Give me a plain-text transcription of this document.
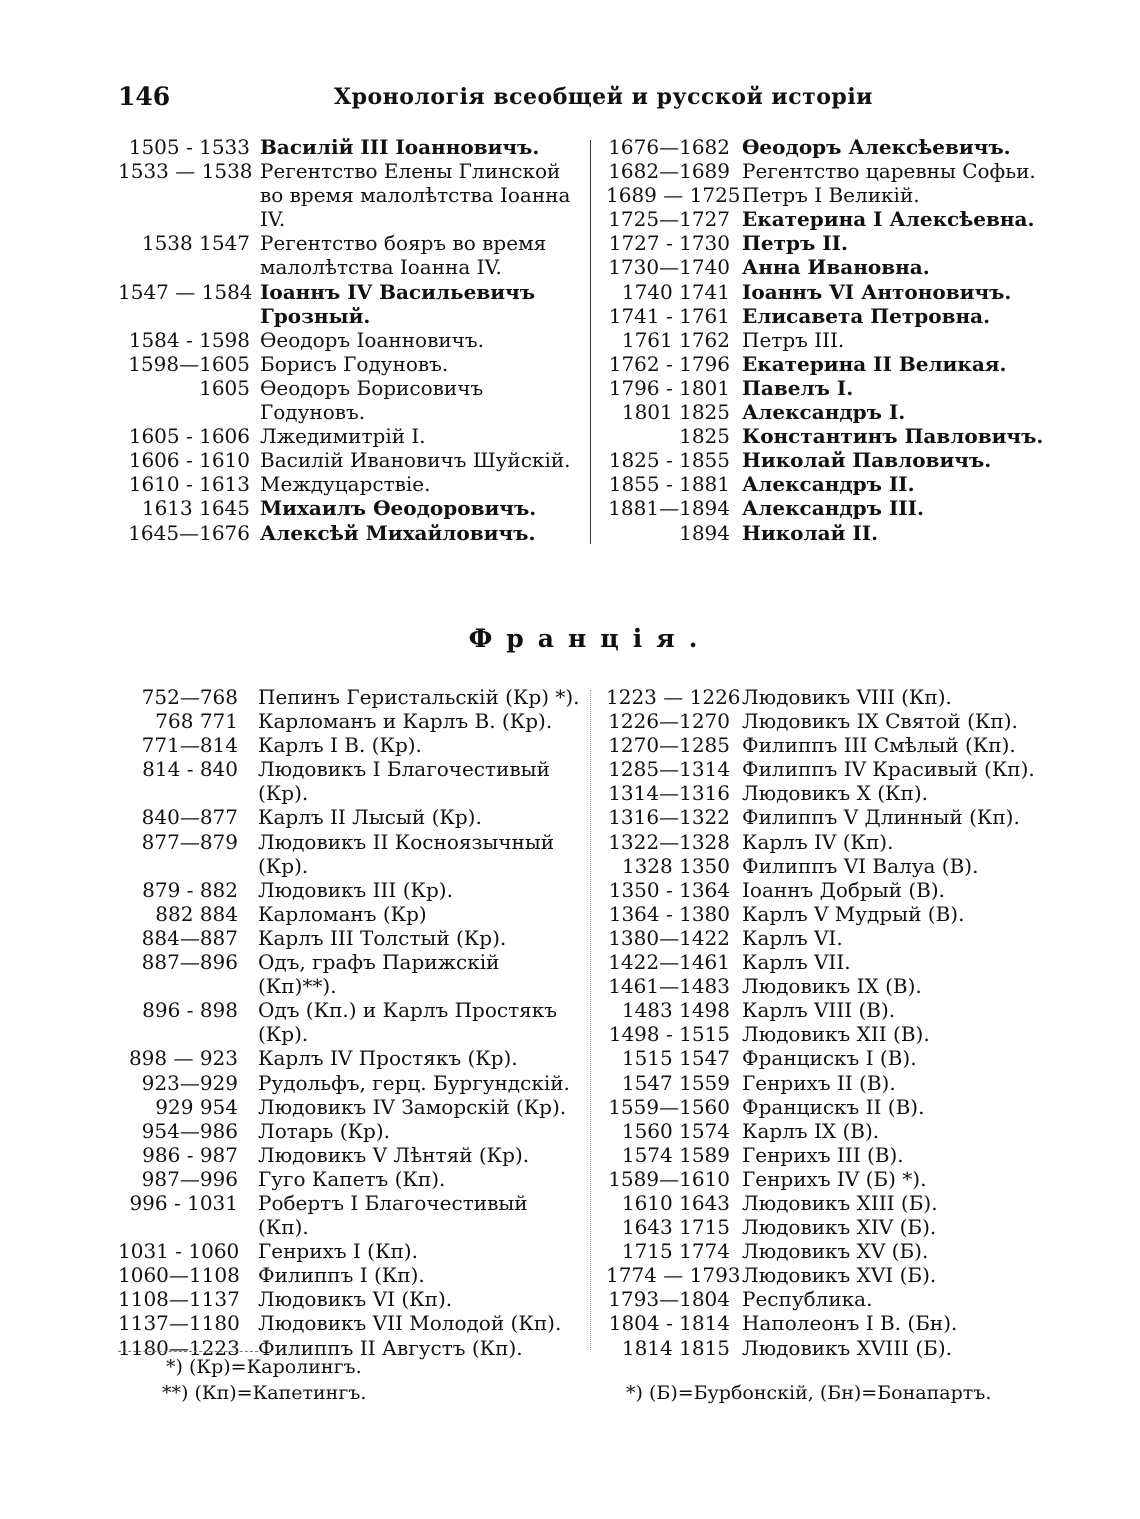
146	Хронологія всеобщей и русской исторіи
1505 - 1533 Василій III Іоанновичъ.
1533 — 1538 Регентство Елены Глинской во время малолѣтства Іоанна IV.
1538 1547 Регентство бояръ во время малолѣтства Іоанна IV.
1547 — 1584 Іоаннъ IV Васильевичъ Грозный.
1584 - 1598 Ѳеодоръ Іоанновичъ.
1598—1605 Борисъ Годуновъ.
1605 Ѳеодоръ Борисовичъ Годуновъ.
1605 - 1606 Лжедимитрій I.
1606 - 1610 Василій Ивановичъ Шуйскій.
1610 - 1613 Междуцарствіе.
1613 1645 Михаилъ Ѳеодоровичъ.
1645—1676 Алексѣй Михайловичъ.
1676—1682 Ѳеодоръ Алексѣевичъ.
1682—1689 Регентство царевны Софьи.
1689 — 1725 Петръ I Великій.
1725—1727 Екатерина I Алексѣевна.
1727 - 1730 Петръ II.
1730—1740 Анна Ивановна.
1740 1741 Іоаннъ VI Антоновичъ.
1741 - 1761 Елисавета Петровна.
1761 1762 Петръ III.
1762 - 1796 Екатерина II Великая.
1796 - 1801 Павелъ I.
1801 1825 Александръ I.
1825 Константинъ Павловичъ.
1825 - 1855 Николай Павловичъ.
1855 - 1881 Александръ II.
1881—1894 Александръ III.
1894 Николай II.
Франція.
752—768 Пепинъ Геристальскій (Кр) *).
768 771 Карломанъ и Карлъ В. (Кр).
771—814 Карлъ I В. (Кр).
814 - 840 Людовикъ I Благочестивый (Кр).
840—877 Карлъ II Лысый (Кр).
877—879 Людовикъ II Косноязычный (Кр).
879 - 882 Людовикъ III (Кр).
882 884 Карломанъ (Кр)
884—887 Карлъ III Толстый (Кр).
887—896 Одъ, графъ Парижскій (Кп)**).
896 - 898 Одъ (Кп.) и Карлъ Простякъ (Кр).
898 — 923 Карлъ IV Простякъ (Кр).
923—929 Рудольфъ, герц. Бургундскій.
929 954 Людовикъ IV Заморскій (Кр).
954—986 Лотарь (Кр).
986 - 987 Людовикъ V Лѣнтяй (Кр).
987—996 Гуго Капетъ (Кп).
996 - 1031 Робертъ I Благочестивый (Кп).
1031 - 1060 Генрихъ I (Кп).
1060—1108 Филиппъ I (Кп).
1108—1137 Людовикъ VI (Кп).
1137—1180 Людовикъ VII Молодой (Кп).
1180—1223 Филиппъ II Августъ (Кп).
1223 — 1226 Людовикъ VIII (Кп).
1226—1270 Людовикъ IX Святой (Кп).
1270—1285 Филиппъ III Смѣлый (Кп).
1285—1314 Филиппъ IV Красивый (Кп).
1314—1316 Людовикъ X (Кп).
1316—1322 Филиппъ V Длинный (Кп).
1322—1328 Карлъ IV (Кп).
1328 1350 Филиппъ VI Валуа (В).
1350 - 1364 Іоаннъ Добрый (В).
1364 - 1380 Карлъ V Мудрый (В).
1380—1422 Карлъ VI.
1422—1461 Карлъ VII.
1461—1483 Людовикъ IX (В).
1483 1498 Карлъ VIII (В).
1498 - 1515 Людовикъ XII (В).
1515 1547 Францискъ I (В).
1547 1559 Генрихъ II (В).
1559—1560 Францискъ II (В).
1560 1574 Карлъ IX (В).
1574 1589 Генрихъ III (В).
1589—1610 Генрихъ IV (Б) *).
1610 1643 Людовикъ XIII (Б).
1643 1715 Людовикъ XIV (Б).
1715 1774 Людовикъ XV (Б).
1774 — 1793 Людовикъ XVI (Б).
1793—1804 Республика.
1804 - 1814 Наполеонъ I В. (Бн).
1814 1815 Людовикъ XVIII (Б).
*) (Кр)=Каролингъ.
**) (Кп)=Капетингъ.	*) (Б)=Бурбонскій, (Бн)=Бонапартъ.
